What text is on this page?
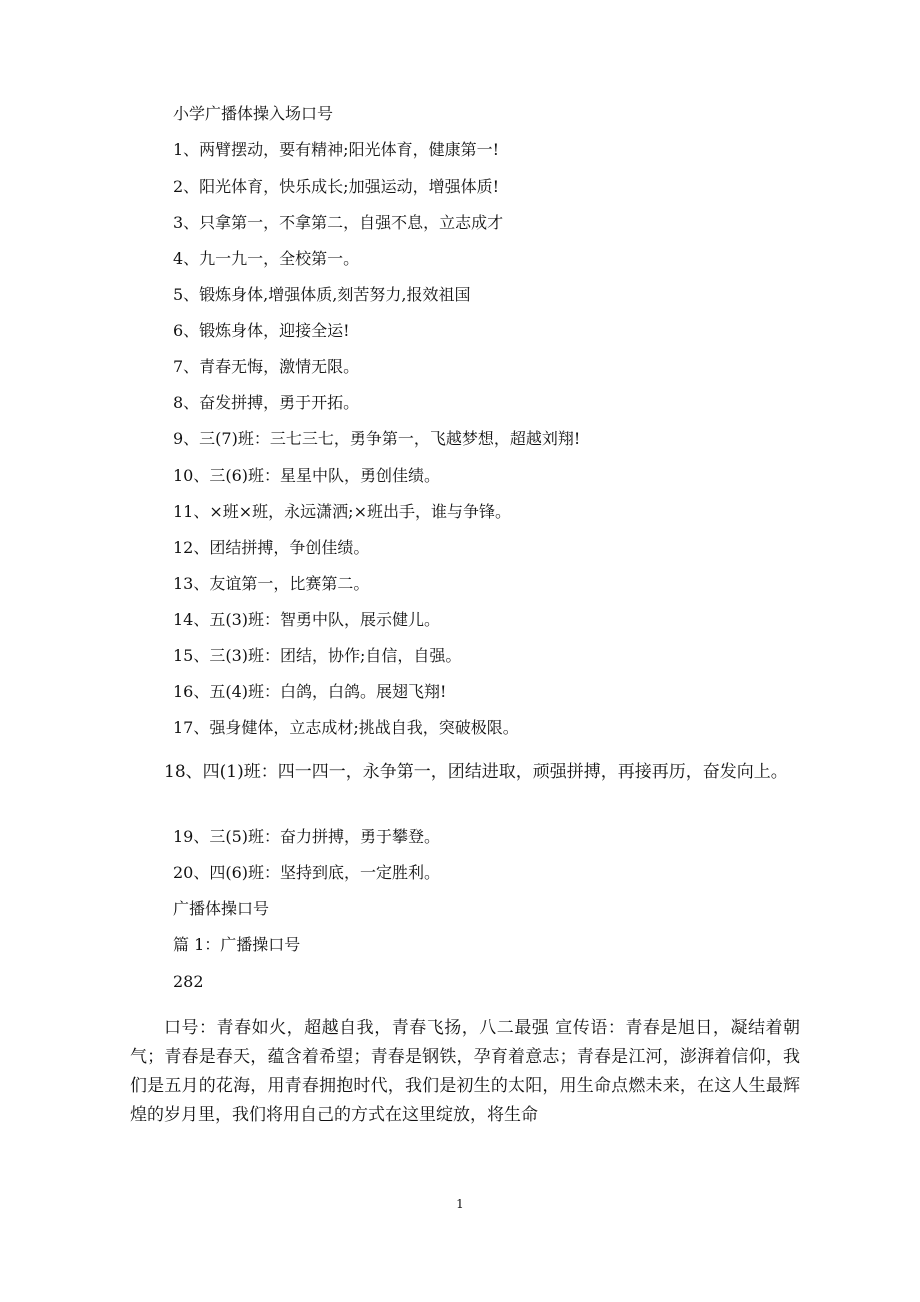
小学广播体操入场口号
1、两臂摆动，要有精神;阳光体育，健康第一!
2、阳光体育，快乐成长;加强运动，增强体质!
3、只拿第一，不拿第二，自强不息，立志成才
4、九一九一，全校第一。
5、锻炼身体,增强体质,刻苦努力,报效祖国
6、锻炼身体，迎接全运!
7、青春无悔，激情无限。
8、奋发拼搏，勇于开拓。
9、三(7)班：三七三七，勇争第一，飞越梦想，超越刘翔!
10、三(6)班：星星中队，勇创佳绩。
11、×班×班，永远潇洒;×班出手，谁与争锋。
12、团结拼搏，争创佳绩。
13、友谊第一，比赛第二。
14、五(3)班：智勇中队，展示健儿。
15、三(3)班：团结，协作;自信，自强。
16、五(4)班：白鸽，白鸽。展翅飞翔!
17、强身健体，立志成材;挑战自我，突破极限。
18、四(1)班：四一四一，永争第一，团结进取，顽强拼搏，再接再历，奋发向上。
19、三(5)班：奋力拼搏，勇于攀登。
20、四(6)班：坚持到底，一定胜利。
广播体操口号
篇 1：广播操口号
282
口号：青春如火，超越自我，青春飞扬，八二最强 宣传语：青春是旭日，凝结着朝气；青春是春天，蕴含着希望；青春是钢铁，孕育着意志；青春是江河，澎湃着信仰，我们是五月的花海，用青春拥抱时代，我们是初生的太阳，用生命点燃未来，在这人生最辉煌的岁月里，我们将用自己的方式在这里绽放，将生命
1
